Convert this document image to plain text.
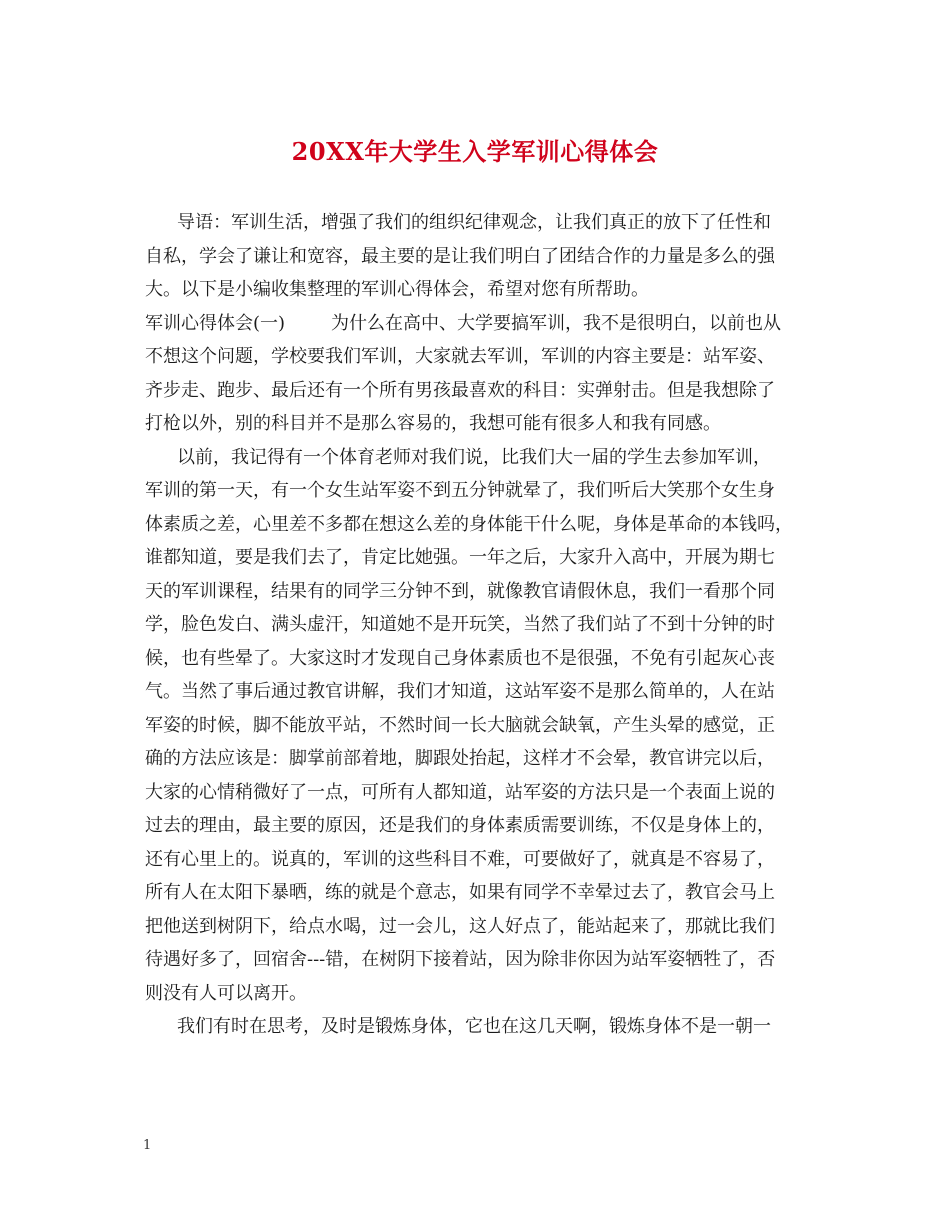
20XX年大学生入学军训心得体会
导语：军训生活，增强了我们的组织纪律观念，让我们真正的放下了任性和
自私，学会了谦让和宽容，最主要的是让我们明白了团结合作的力量是多么的强
大。以下是小编收集整理的军训心得体会，希望对您有所帮助。
军训心得体会(一)	为什么在高中、大学要搞军训，我不是很明白，以前也从
不想这个问题，学校要我们军训，大家就去军训，军训的内容主要是：站军姿、
齐步走、跑步、最后还有一个所有男孩最喜欢的科目：实弹射击。但是我想除了
打枪以外，别的科目并不是那么容易的，我想可能有很多人和我有同感。
以前，我记得有一个体育老师对我们说，比我们大一届的学生去参加军训，
军训的第一天，有一个女生站军姿不到五分钟就晕了，我们听后大笑那个女生身
体素质之差，心里差不多都在想这么差的身体能干什么呢，身体是革命的本钱吗，
谁都知道，要是我们去了，肯定比她强。一年之后，大家升入高中，开展为期七
天的军训课程，结果有的同学三分钟不到，就像教官请假休息，我们一看那个同
学，脸色发白、满头虚汗，知道她不是开玩笑，当然了我们站了不到十分钟的时
候，也有些晕了。大家这时才发现自己身体素质也不是很强，不免有引起灰心丧
气。当然了事后通过教官讲解，我们才知道，这站军姿不是那么简单的，人在站
军姿的时候，脚不能放平站，不然时间一长大脑就会缺氧，产生头晕的感觉，正
确的方法应该是：脚掌前部着地，脚跟处抬起，这样才不会晕，教官讲完以后，
大家的心情稍微好了一点，可所有人都知道，站军姿的方法只是一个表面上说的
过去的理由，最主要的原因，还是我们的身体素质需要训练，不仅是身体上的，
还有心里上的。说真的，军训的这些科目不难，可要做好了，就真是不容易了，
所有人在太阳下暴晒，练的就是个意志，如果有同学不幸晕过去了，教官会马上
把他送到树阴下，给点水喝，过一会儿，这人好点了，能站起来了，那就比我们
待遇好多了，回宿舍---错，在树阴下接着站，因为除非你因为站军姿牺牲了，否
则没有人可以离开。
我们有时在思考，及时是锻炼身体，它也在这几天啊，锻炼身体不是一朝一
1
